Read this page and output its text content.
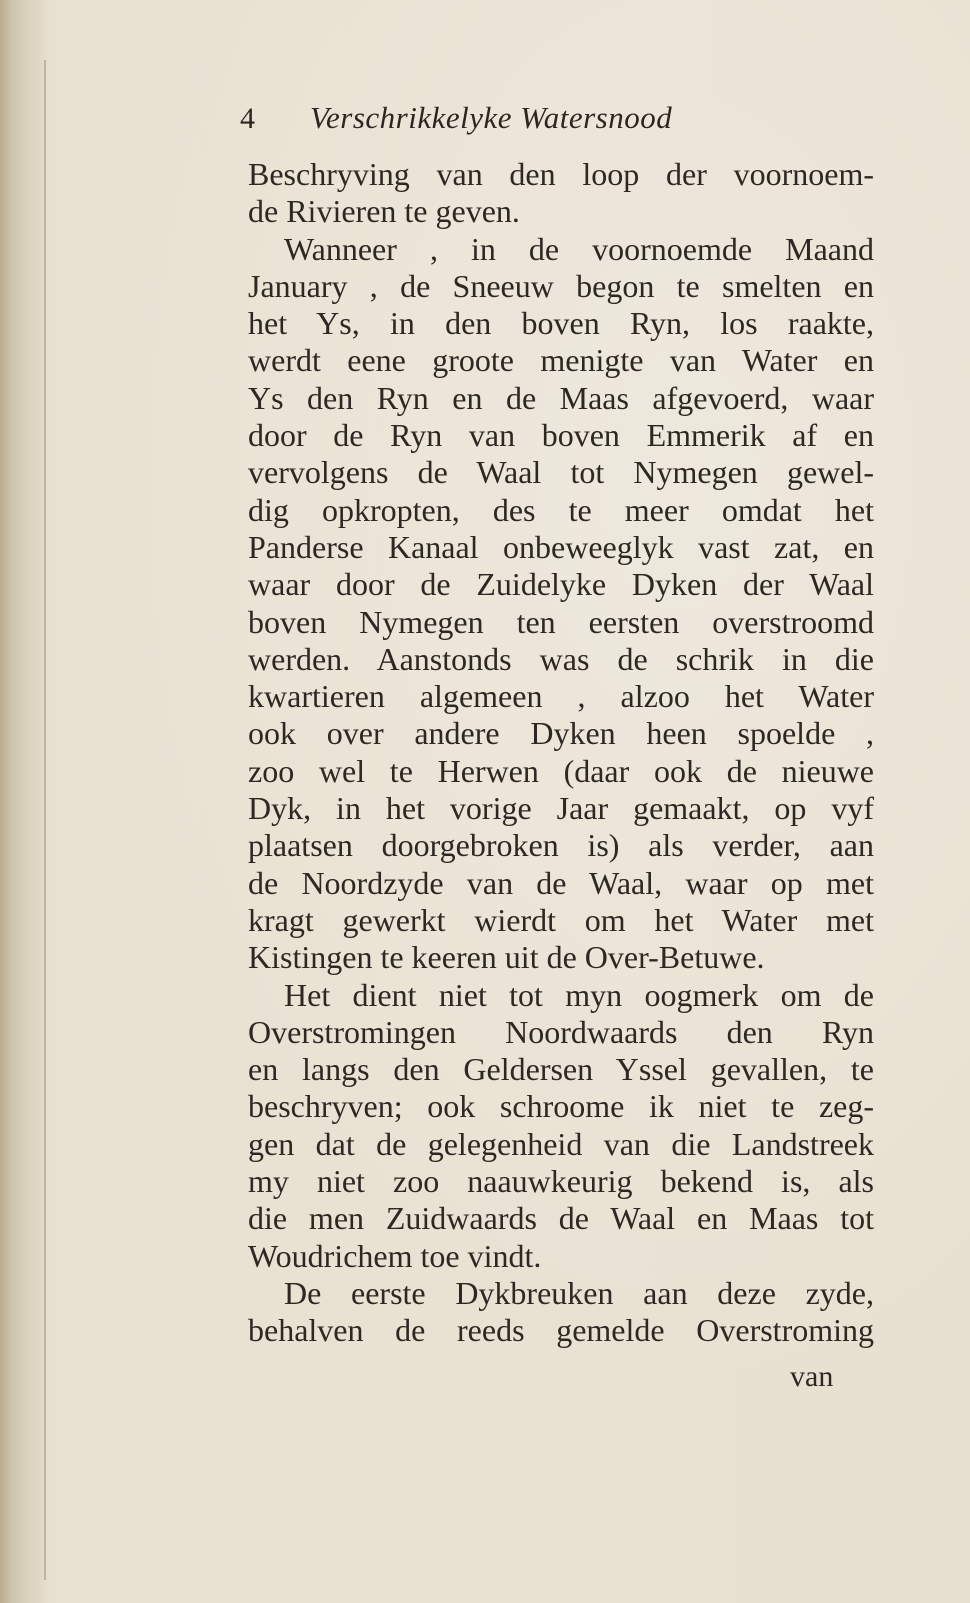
4	Verschrikkelyke Watersnood
Beschryving van den loop der voornoem-
de Rivieren te geven.
Wanneer , in de voornoemde Maand
January , de Sneeuw begon te smelten en
het Ys, in den boven Ryn, los raakte,
werdt eene groote menigte van Water en
Ys den Ryn en de Maas afgevoerd, waar
door de Ryn van boven Emmerik af en
vervolgens de Waal tot Nymegen gewel-
dig opkropten, des te meer omdat het
Panderse Kanaal onbeweeglyk vast zat, en
waar door de Zuidelyke Dyken der Waal
boven Nymegen ten eersten overstroomd
werden. Aanstonds was de schrik in die
kwartieren algemeen , alzoo het Water
ook over andere Dyken heen spoelde ,
zoo wel te Herwen (daar ook de nieuwe
Dyk, in het vorige Jaar gemaakt, op vyf
plaatsen doorgebroken is) als verder, aan
de Noordzyde van de Waal, waar op met
kragt gewerkt wierdt om het Water met
Kistingen te keeren uit de Over-Betuwe.
Het dient niet tot myn oogmerk om de
Overstromingen Noordwaards den Ryn
en langs den Geldersen Yssel gevallen, te
beschryven; ook schroome ik niet te zeg-
gen dat de gelegenheid van die Landstreek
my niet zoo naauwkeurig bekend is, als
die men Zuidwaards de Waal en Maas tot
Woudrichem toe vindt.
De eerste Dykbreuken aan deze zyde,
behalven de reeds gemelde Overstroming
van
